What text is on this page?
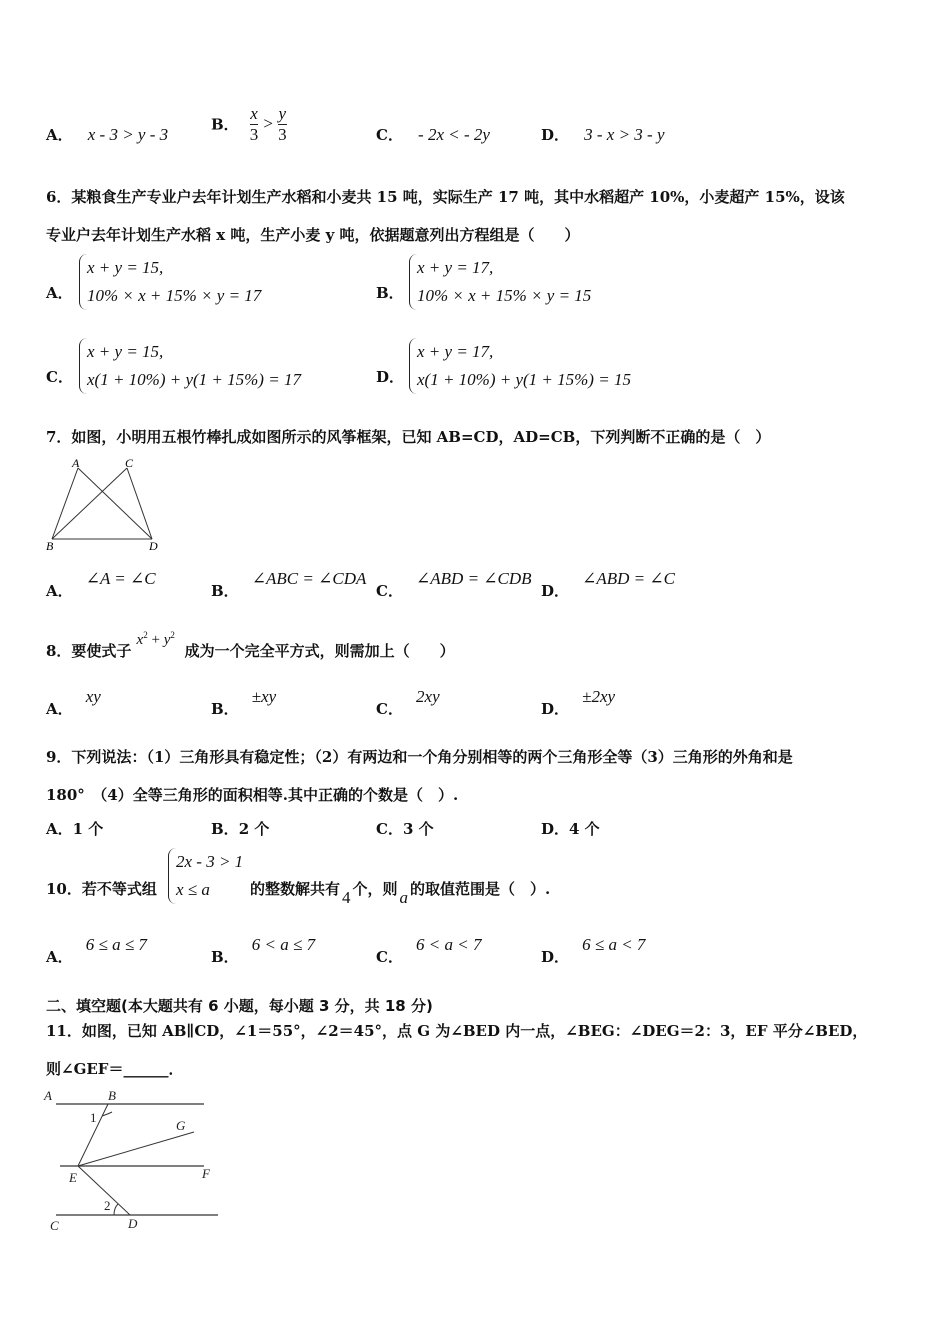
A． x - 3 > y - 3
B． $\frac{x}{3} > \frac{y}{3}$	C． - 2x < - 2y	D． 3 - x > 3 - y
6．某粮食生产专业户去年计划生产水稻和小麦共 15 吨，实际生产 17 吨，其中水稻超产 10%，小麦超产 15%，设该
专业户去年计划生产水稻 x 吨，生产小麦 y 吨，依据题意列出方程组是（　　）
A．
x + y = 15,
10% × x + 15% × y = 17	B．
x + y = 17,
10% × x + 15% × y = 15
C．
x + y = 15,
x(1 + 10%) + y(1 + 15%) = 17	D．
x + y = 17,
x(1 + 10%) + y(1 + 15%) = 15
7．如图，小明用五根竹棒扎成如图所示的风筝框架，已知 AB=CD，AD=CB，下列判断不正确的是（　）
A	C
B	D
A． ∠A = ∠C
B． ∠ABC = ∠CDA
C． ∠ABD = ∠CDB
D． ∠ABD = ∠C
8．要使式子 $x^2 + y^2$ 成为一个完全平方式，则需加上（　　）
A． xy
B． ±xy
C． 2xy
D． ±2xy
9．下列说法：（1）三角形具有稳定性；（2）有两边和一个角分别相等的两个三角形全等（3）三角形的外角和是
180°　（4）全等三角形的面积相等.其中正确的个数是（　）.
A．1 个	B．2 个	C．3 个	D．4 个
10．若不等式组
2x - 3 > 1
x ≤ a	的整数解共有 4 个，则 a 的取值范围是（　）.
A． 6 ≤ a ≤ 7
B． 6 < a ≤ 7
C． 6 < a < 7
D． 6 ≤ a < 7
二、填空题(本大题共有 6 小题，每小题 3 分，共 18 分)
11．如图，已知 AB∥CD，∠1＝55°，∠2＝45°，点 G 为∠BED 内一点，∠BEG：∠DEG＝2：3，EF 平分∠BED，
则∠GEF＝______．
A	B
1
G
E	F
2
C	D
